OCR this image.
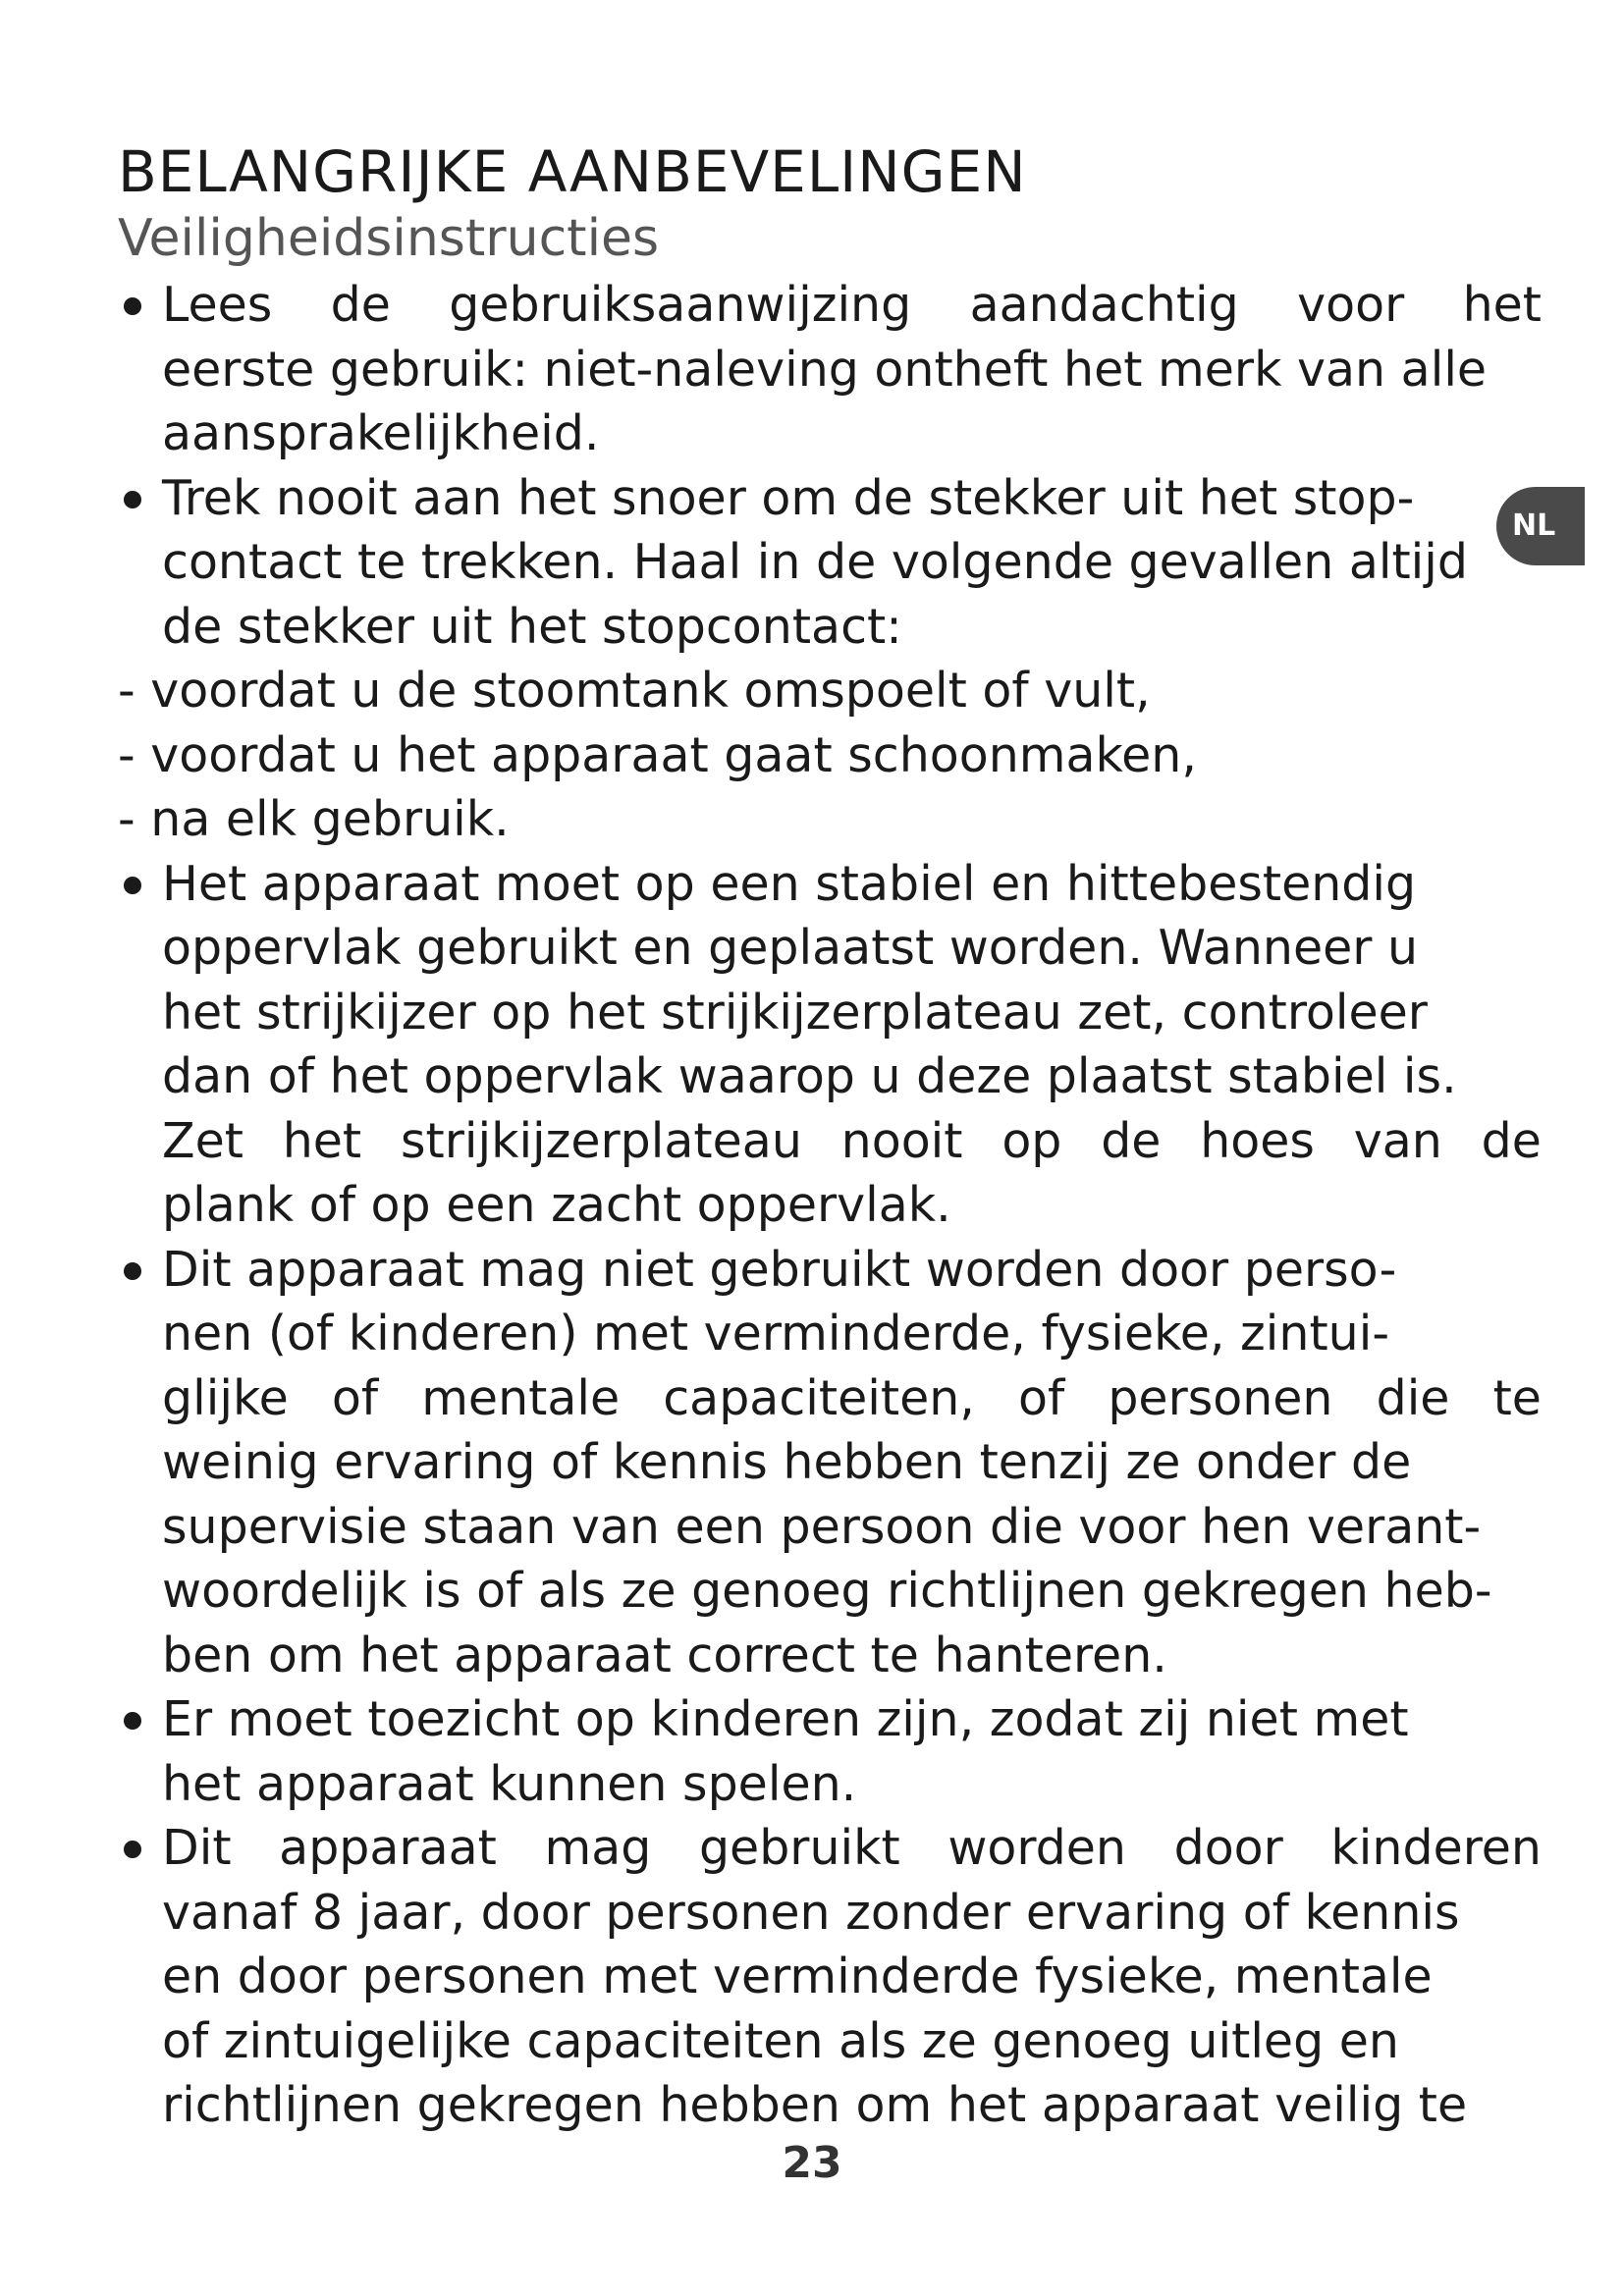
BELANGRIJKE AANBEVELINGEN
Veiligheidsinstructies
Lees de gebruiksaanwijzing aandachtig voor het
eerste gebruik: niet-naleving ontheft het merk van alle
aansprakelijkheid.
Trek nooit aan het snoer om de stekker uit het stop-
contact te trekken. Haal in de volgende gevallen altijd
de stekker uit het stopcontact:
- voordat u de stoomtank omspoelt of vult,
- voordat u het apparaat gaat schoonmaken,
- na elk gebruik.
Het apparaat moet op een stabiel en hittebestendig
oppervlak gebruikt en geplaatst worden. Wanneer u
het strijkijzer op het strijkijzerplateau zet, controleer
dan of het oppervlak waarop u deze plaatst stabiel is.
Zet het strijkijzerplateau nooit op de hoes van de
plank of op een zacht oppervlak.
Dit apparaat mag niet gebruikt worden door perso-
nen (of kinderen) met verminderde, fysieke, zintui-
glijke of mentale capaciteiten, of personen die te
weinig ervaring of kennis hebben tenzij ze onder de
supervisie staan van een persoon die voor hen verant-
woordelijk is of als ze genoeg richtlijnen gekregen heb-
ben om het apparaat correct te hanteren.
Er moet toezicht op kinderen zijn, zodat zij niet met
het apparaat kunnen spelen.
Dit apparaat mag gebruikt worden door kinderen
vanaf 8 jaar, door personen zonder ervaring of kennis
en door personen met verminderde fysieke, mentale
of zintuigelijke capaciteiten als ze genoeg uitleg en
richtlijnen gekregen hebben om het apparaat veilig te
NL
23
